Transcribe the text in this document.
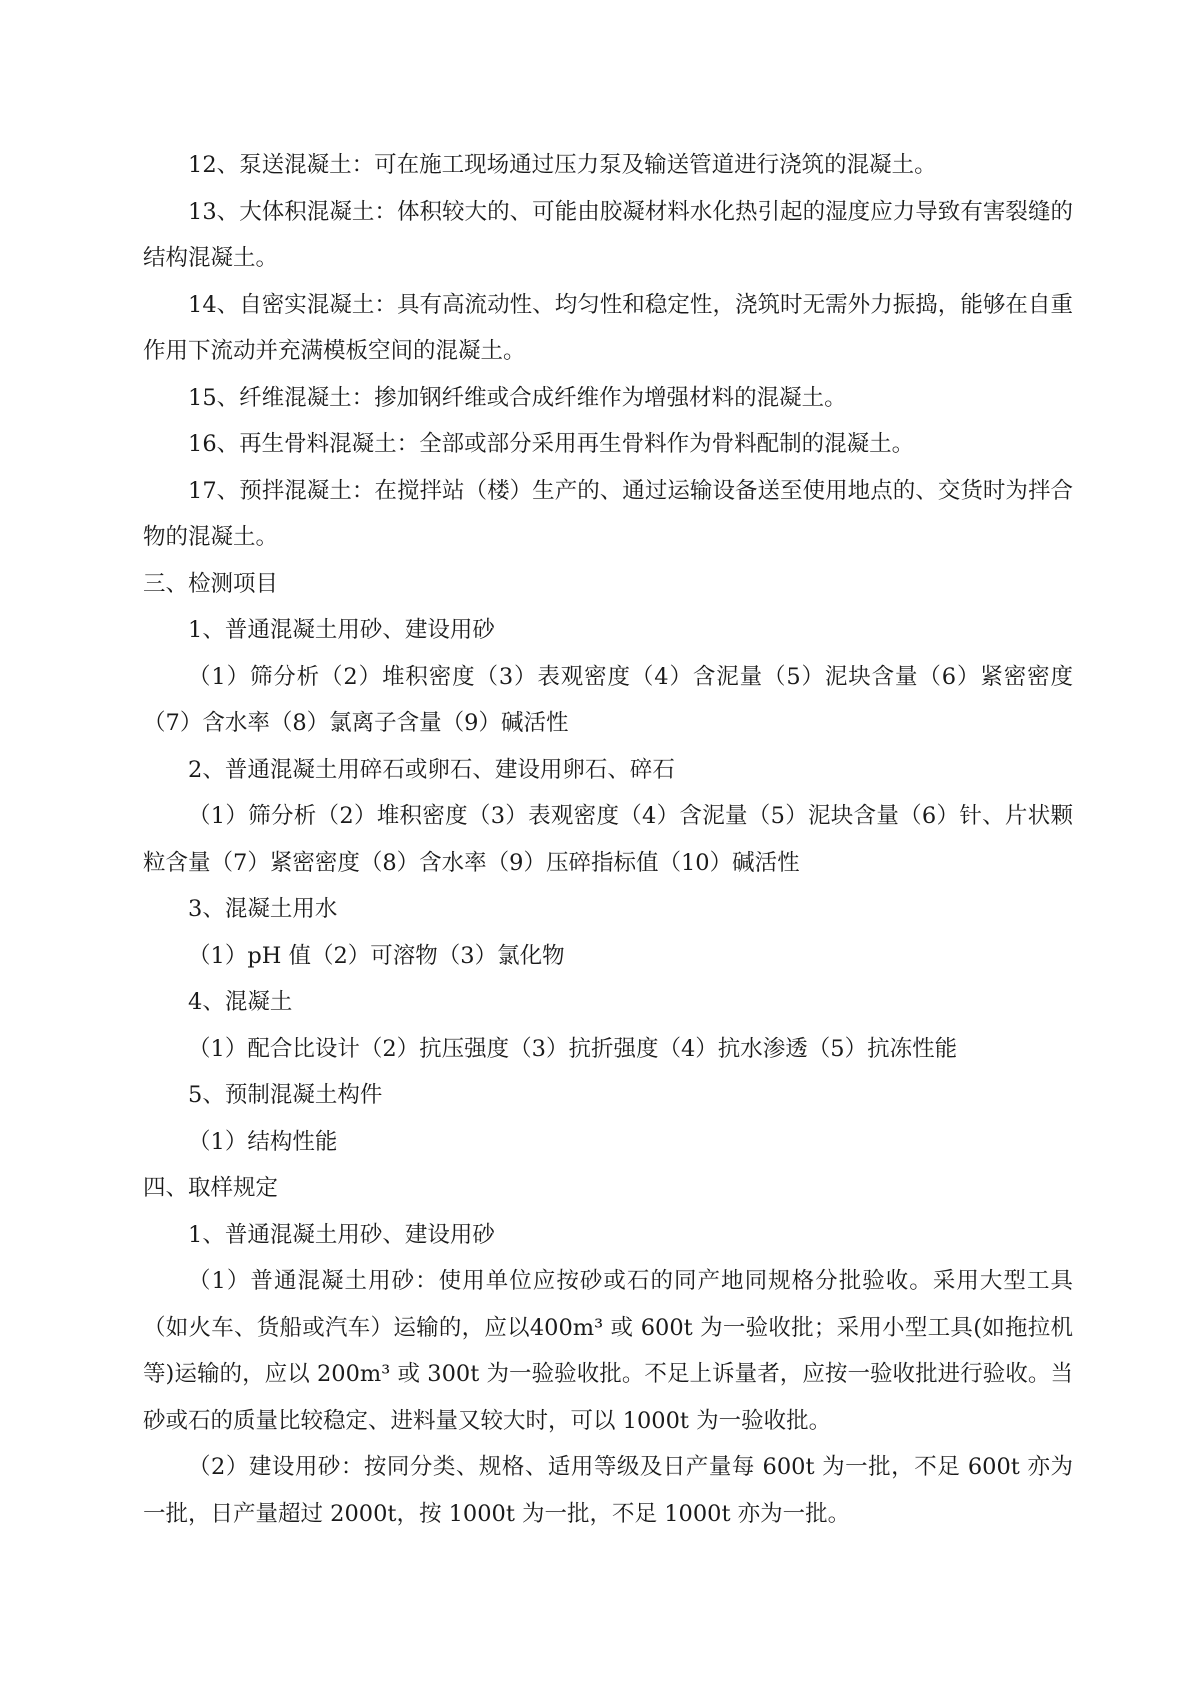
12、泵送混凝土：可在施工现场通过压力泵及输送管道进行浇筑的混凝土。

13、大体积混凝土：体积较大的、可能由胶凝材料水化热引起的湿度应力导致有害裂缝的结构混凝土。

14、自密实混凝土：具有高流动性、均匀性和稳定性，浇筑时无需外力振捣，能够在自重作用下流动并充满模板空间的混凝土。

15、纤维混凝土：掺加钢纤维或合成纤维作为增强材料的混凝土。

16、再生骨料混凝土：全部或部分采用再生骨料作为骨料配制的混凝土。

17、预拌混凝土：在搅拌站（楼）生产的、通过运输设备送至使用地点的、交货时为拌合物的混凝土。

三、检测项目

1、普通混凝土用砂、建设用砂

（1）筛分析（2）堆积密度（3）表观密度（4）含泥量（5）泥块含量（6）紧密密度（7）含水率（8）氯离子含量（9）碱活性

2、普通混凝土用碎石或卵石、建设用卵石、碎石

（1）筛分析（2）堆积密度（3）表观密度（4）含泥量（5）泥块含量（6）针、片状颗粒含量（7）紧密密度（8）含水率（9）压碎指标值（10）碱活性

3、混凝土用水

（1）pH 值（2）可溶物（3）氯化物

4、混凝土

（1）配合比设计（2）抗压强度（3）抗折强度（4）抗水渗透（5）抗冻性能

5、预制混凝土构件

（1）结构性能

四、取样规定

1、普通混凝土用砂、建设用砂

（1）普通混凝土用砂：使用单位应按砂或石的同产地同规格分批验收。采用大型工具（如火车、货船或汽车）运输的，应以400m³ 或 600t 为一验收批；采用小型工具(如拖拉机等)运输的，应以 200m³ 或 300t 为一验验收批。不足上诉量者，应按一验收批进行验收。当砂或石的质量比较稳定、进料量又较大时，可以 1000t 为一验收批。

（2）建设用砂：按同分类、规格、适用等级及日产量每 600t 为一批，不足 600t 亦为一批，日产量超过 2000t，按 1000t 为一批，不足 1000t 亦为一批。
